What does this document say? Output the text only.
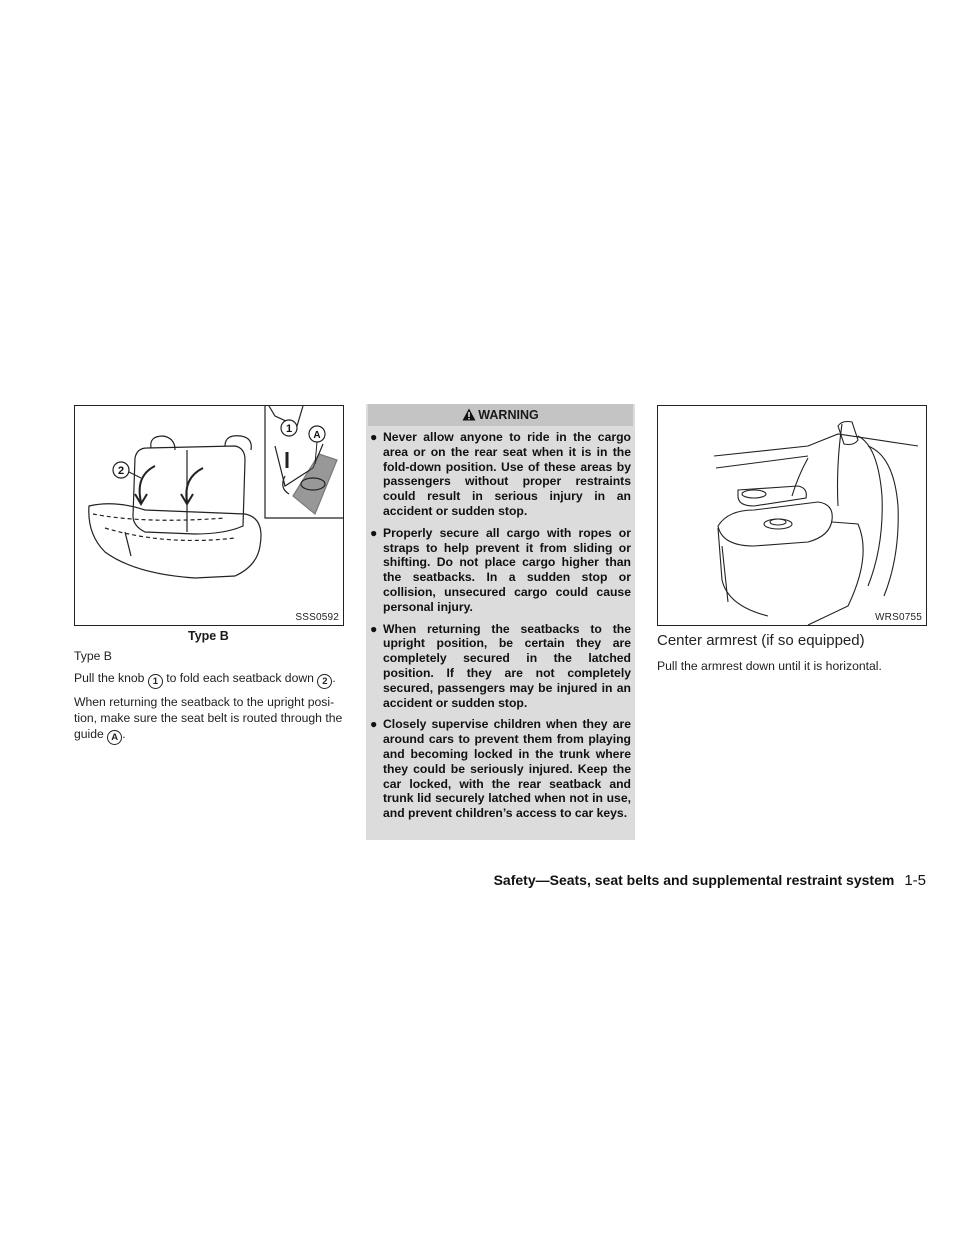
2
1
A
SSS0592
Type B
Type B
Pull the knob 1 to fold each seatback down 2 .
When returning the seatback to the upright posi-
tion, make sure the seat belt is routed through the
guide A .
WARNING
● Never allow anyone to ride in the cargo area or on the rear seat when it is in the fold-down position. Use of these areas by passengers without proper restraints could result in serious injury in an accident or sudden stop.
● Properly secure all cargo with ropes or straps to help prevent it from sliding or shifting. Do not place cargo higher than the seatbacks. In a sudden stop or collision, unsecured cargo could cause personal injury.
● When returning the seatbacks to the upright position, be certain they are completely secured in the latched position. If they are not completely secured, passengers may be injured in an accident or sudden stop.
● Closely supervise children when they are around cars to prevent them from playing and becoming locked in the trunk where they could be seriously injured. Keep the car locked, with the rear seatback and trunk lid securely latched when not in use, and prevent children’s access to car keys.
WRS0755
Center armrest (if so equipped)
Pull the armrest down until it is horizontal.
Safety—Seats, seat belts and supplemental restraint system 1-5
